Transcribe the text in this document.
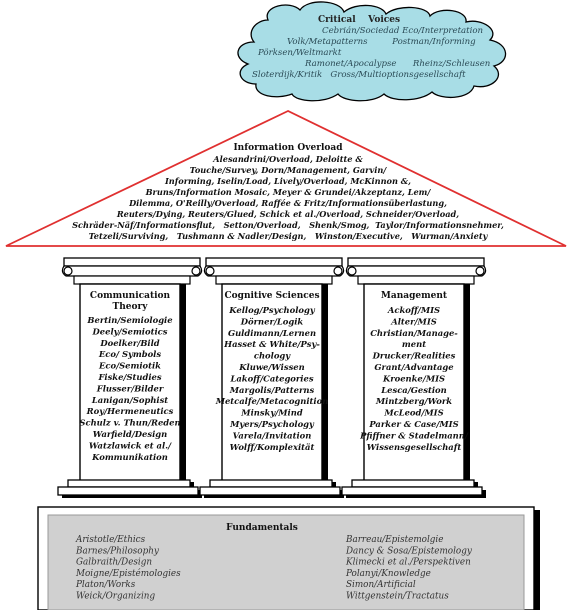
Critical    Voices
Cebrián/Sociedad Eco/Interpretation
Volk/Metapatterns         Postman/Informing
Pörksen/Weltmarkt
Ramonet/Apocalypse      Rheinz/Schleusen
Sloterdijk/Kritik   Gross/Multioptionsgesellschaft
Information Overload
Alesandrini/Overload, Deloitte &
Touche/Survey, Dorn/Management, Garvin/
Informing, Iselin/Load, Lively/Overload, McKinnon &,
Bruns/Information Mosaic, Meyer & Grundei/Akzeptanz, Lem/
Dilemma, O'Reilly/Overload, Raffée & Fritz/Informationsüberlastung,
Reuters/Dying, Reuters/Glued, Schick et al./Overload, Schneider/Overload,
Schräder-Näf/Informationsflut,   Setton/Overload,   Shenk/Smog,  Taylor/Informationsnehmer,
Tetzeli/Surviving,   Tushmann & Nadler/Design,   Winston/Executive,   Wurman/Anxiety
Communication
Theory
Bertin/Semiologie
Deely/Semiotics
Doelker/Bild
Eco/ Symbols
Eco/Semiotik
Fiske/Studies
Flusser/Bilder
Lanigan/Sophist
Roy/Hermeneutics
Schulz v. Thun/Reden
Warfield/Design
Watzlawick et al./
Kommunikation
Cognitive Sciences
Kellog/Psychology
Dörner/Logik
Guldimann/Lernen
Hasset & White/Psy-
chology
Kluwe/Wissen
Lakoff/Categories
Margolis/Patterns
Metcalfe/Metacognition
Minsky/Mind
Myers/Psychology
Varela/Invitation
Wolff/Komplexität
Management
Ackoff/MIS
Alter/MIS
Christian/Manage-
ment
Drucker/Realities
Grant/Advantage
Kroenke/MIS
Lesca/Gestion
Mintzberg/Work
McLeod/MIS
Parker & Case/MIS
Pfiffner & Stadelmann/
Wissensgesellschaft
Fundamentals
Aristotle/Ethics
Barnes/Philosophy
Galbraith/Design
Moigne/Epistémologies
Platon/Works
Weick/Organizing
Barreau/Epistemolgie
Dancy & Sosa/Epistemology
Klimecki et al./Perspektiven
Polanyi/Knowledge
Simon/Artificial
Wittgenstein/Tractatus
